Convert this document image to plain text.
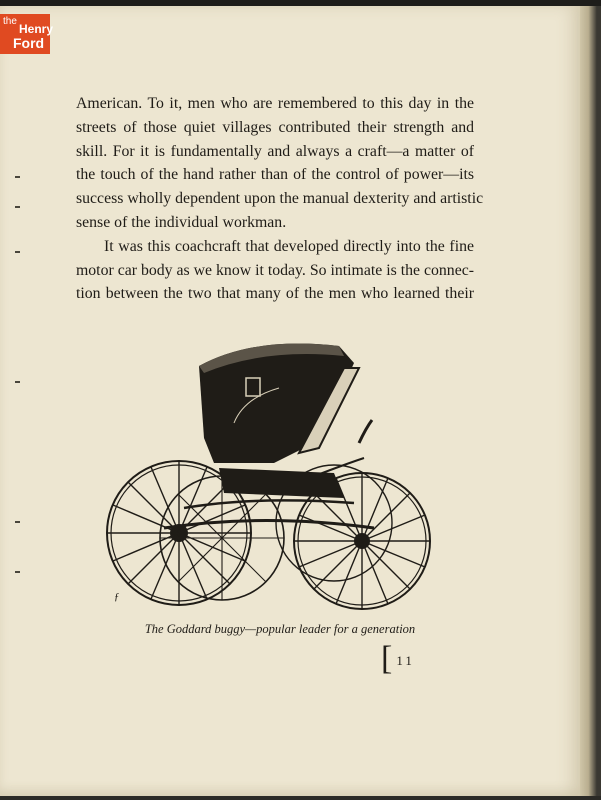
the
Henry
Ford

American. To it, men who are remembered to this day in the
streets of those quiet villages contributed their strength and
skill. For it is fundamentally and always a craft—a matter of
the touch of the hand rather than of the control of power—its
success wholly dependent upon the manual dexterity and artistic
sense of the individual workman.

It was this coachcraft that developed directly into the fine
motor car body as we know it today. So intimate is the connec-
tion between the two that many of the men who learned their

ƒ
The Goddard buggy—popular leader for a generation
[ $_{11}$
